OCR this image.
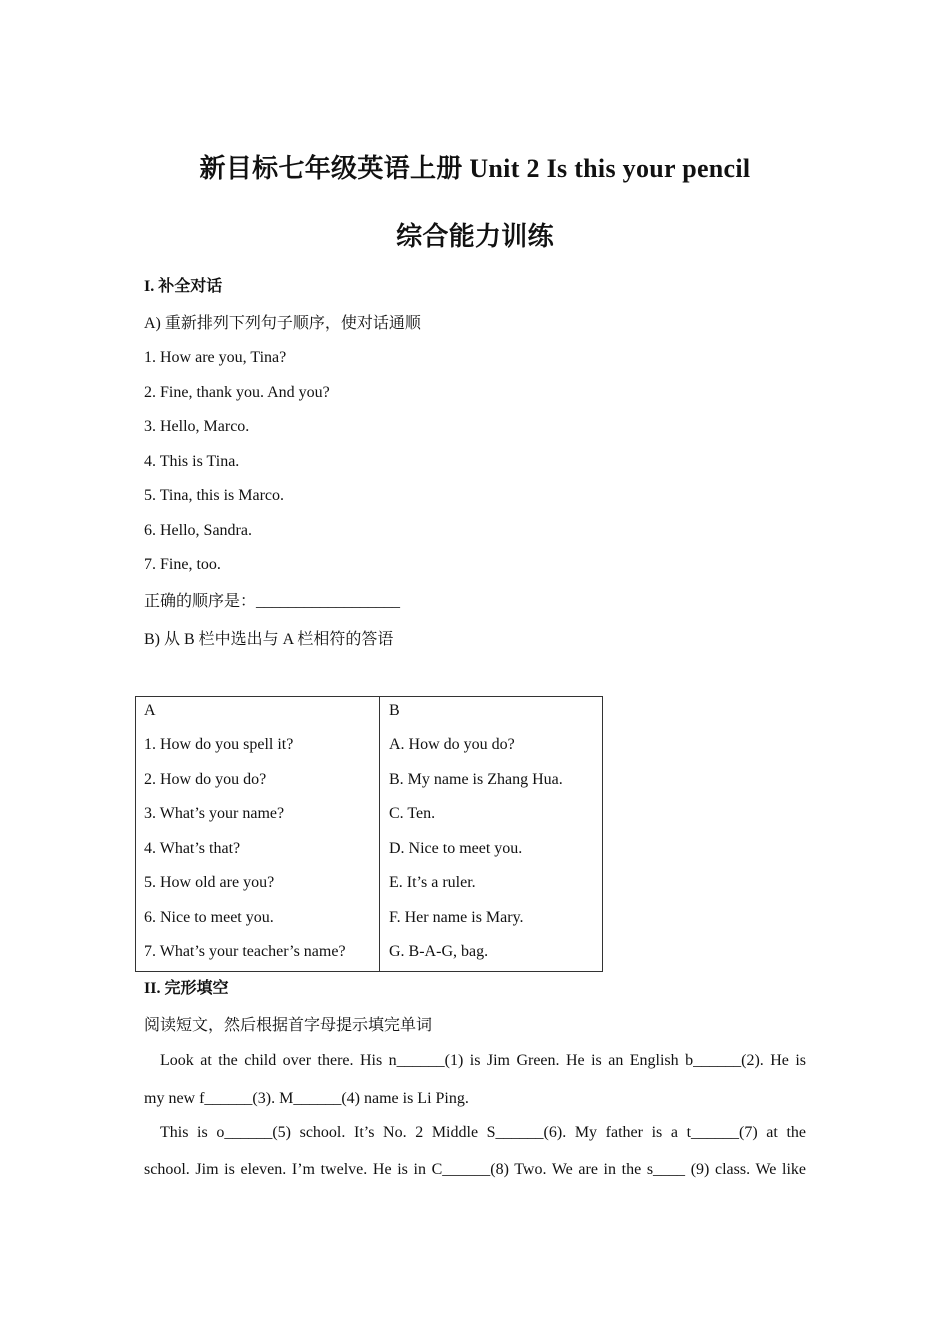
新目标七年级英语上册 Unit 2 Is this your pencil
综合能力训练
I. 补全对话
A) 重新排列下列句子顺序，使对话通顺
1. How are you, Tina?
2. Fine, thank you. And you?
3. Hello, Marco.
4. This is Tina.
5. Tina, this is Marco.
6. Hello, Sandra.
7. Fine, too.
正确的顺序是：__________________
B) 从 B 栏中选出与 A 栏相符的答语
A	B
1. How do you spell it?
2. How do you do?
3. What’s your name?
4. What’s that?
5. How old are you?
6. Nice to meet you.
7. What’s your teacher’s name?
A. How do you do?
B. My name is Zhang Hua.
C. Ten.
D. Nice to meet you.
E. It’s a ruler.
F. Her name is Mary.
G. B-A-G, bag.
II. 完形填空
阅读短文，然后根据首字母提示填完单词
Look at the child over there. His n______(1) is Jim Green. He is an English b______(2). He is
my new f______(3). M______(4) name is Li Ping.
This is o______(5) school. It’s No. 2 Middle S______(6). My father is a t______(7) at the
school. Jim is eleven. I’m twelve. He is in C______(8) Two. We are in the s____ (9) class. We like
